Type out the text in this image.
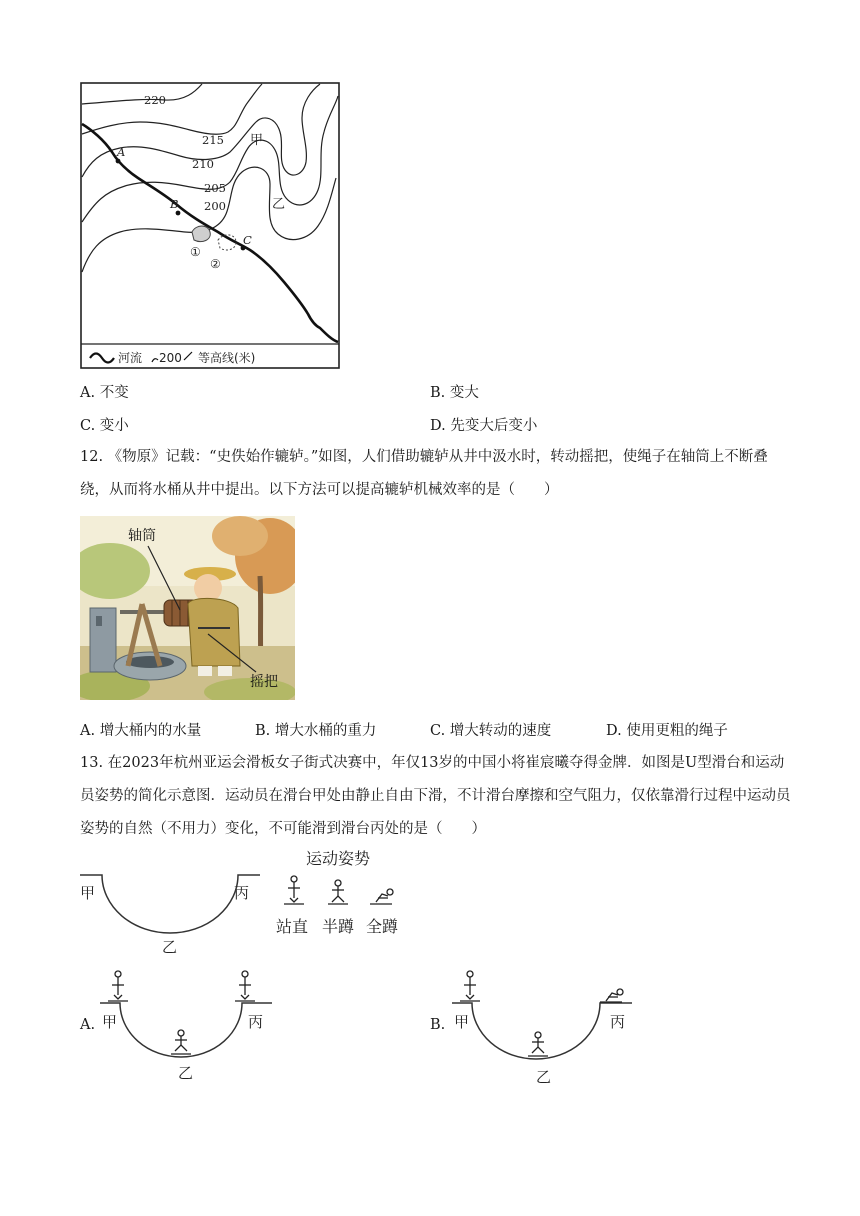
220
215
210
205
200
A
B
C
甲
乙
①
②
河流 200 等高线(米)
A. 不变	B. 变大
C. 变小	D. 先变大后变小
12. 《物原》记载：“史佚始作辘轳。”如图，人们借助辘轳从井中汲水时，转动摇把，使绳子在轴筒上不断叠绕，从而将水桶从井中提出。以下方法可以提高辘轳机械效率的是（　　）
轴筒
摇把
A. 增大桶内的水量	B. 增大水桶的重力	C. 增大转动的速度	D. 使用更粗的绳子
13. 在2023年杭州亚运会滑板女子街式决赛中，年仅13岁的中国小将崔宸曦夺得金牌．如图是U型滑台和运动员姿势的简化示意图．运动员在滑台甲处由静止自由下滑，不计滑台摩擦和空气阻力，仅依靠滑行过程中运动员姿势的自然（不用力）变化，不可能滑到滑台丙处的是（　　）
甲	丙
乙
运动姿势
站直 半蹲 全蹲
A. 甲	丙
乙
B. 甲	丙
乙
